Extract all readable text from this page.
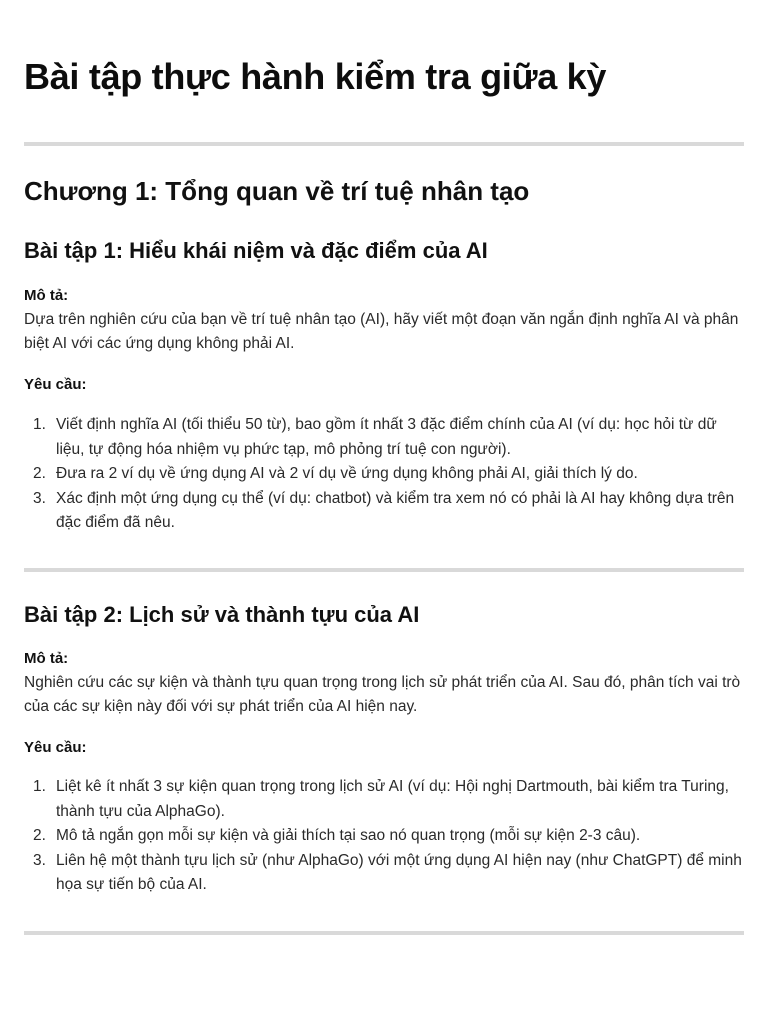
Bài tập thực hành kiểm tra giữa kỳ
Chương 1: Tổng quan về trí tuệ nhân tạo
Bài tập 1: Hiểu khái niệm và đặc điểm của AI

Mô tả:

Dựa trên nghiên cứu của bạn về trí tuệ nhân tạo (AI), hãy viết một đoạn văn ngắn định nghĩa AI và phân biệt AI với các ứng dụng không phải AI.

Yêu cầu:

1. Viết định nghĩa AI (tối thiểu 50 từ), bao gồm ít nhất 3 đặc điểm chính của AI (ví dụ: học hỏi từ dữ liệu, tự động hóa nhiệm vụ phức tạp, mô phỏng trí tuệ con người).
2. Đưa ra 2 ví dụ về ứng dụng AI và 2 ví dụ về ứng dụng không phải AI, giải thích lý do.
3. Xác định một ứng dụng cụ thể (ví dụ: chatbot) và kiểm tra xem nó có phải là AI hay không dựa trên đặc điểm đã nêu.
Bài tập 2: Lịch sử và thành tựu của AI

Mô tả:

Nghiên cứu các sự kiện và thành tựu quan trọng trong lịch sử phát triển của AI. Sau đó, phân tích vai trò của các sự kiện này đối với sự phát triển của AI hiện nay.

Yêu cầu:

1. Liệt kê ít nhất 3 sự kiện quan trọng trong lịch sử AI (ví dụ: Hội nghị Dartmouth, bài kiểm tra Turing, thành tựu của AlphaGo).
2. Mô tả ngắn gọn mỗi sự kiện và giải thích tại sao nó quan trọng (mỗi sự kiện 2-3 câu).
3. Liên hệ một thành tựu lịch sử (như AlphaGo) với một ứng dụng AI hiện nay (như ChatGPT) để minh họa sự tiến bộ của AI.
